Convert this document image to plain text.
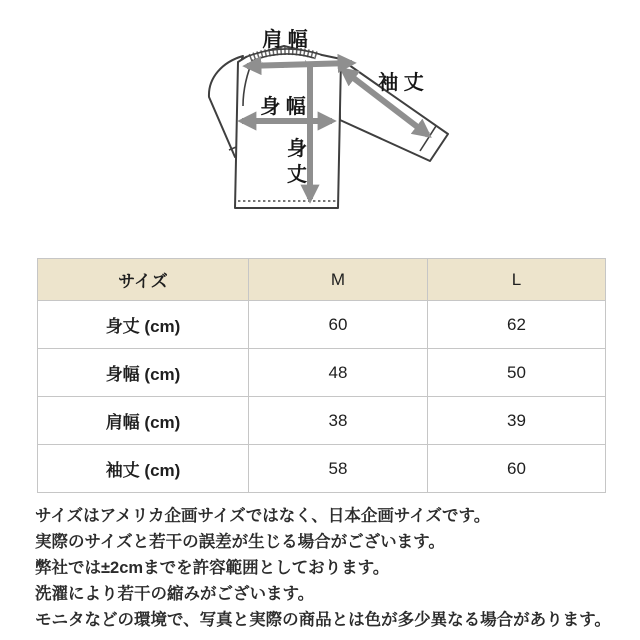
肩 幅
袖 丈
身 幅
身
丈
サイズ	M	L
身丈 (cm)	60	62
身幅 (cm)	48	50
肩幅 (cm)	38	39
袖丈 (cm)	58	60

サイズはアメリカ企画サイズではなく、日本企画サイズです。

実際のサイズと若干の誤差が生じる場合がございます。

弊社では±2cmまでを許容範囲としております。

洗濯により若干の縮みがございます。

モニタなどの環境で、写真と実際の商品とは色が多少異なる場合があります。
